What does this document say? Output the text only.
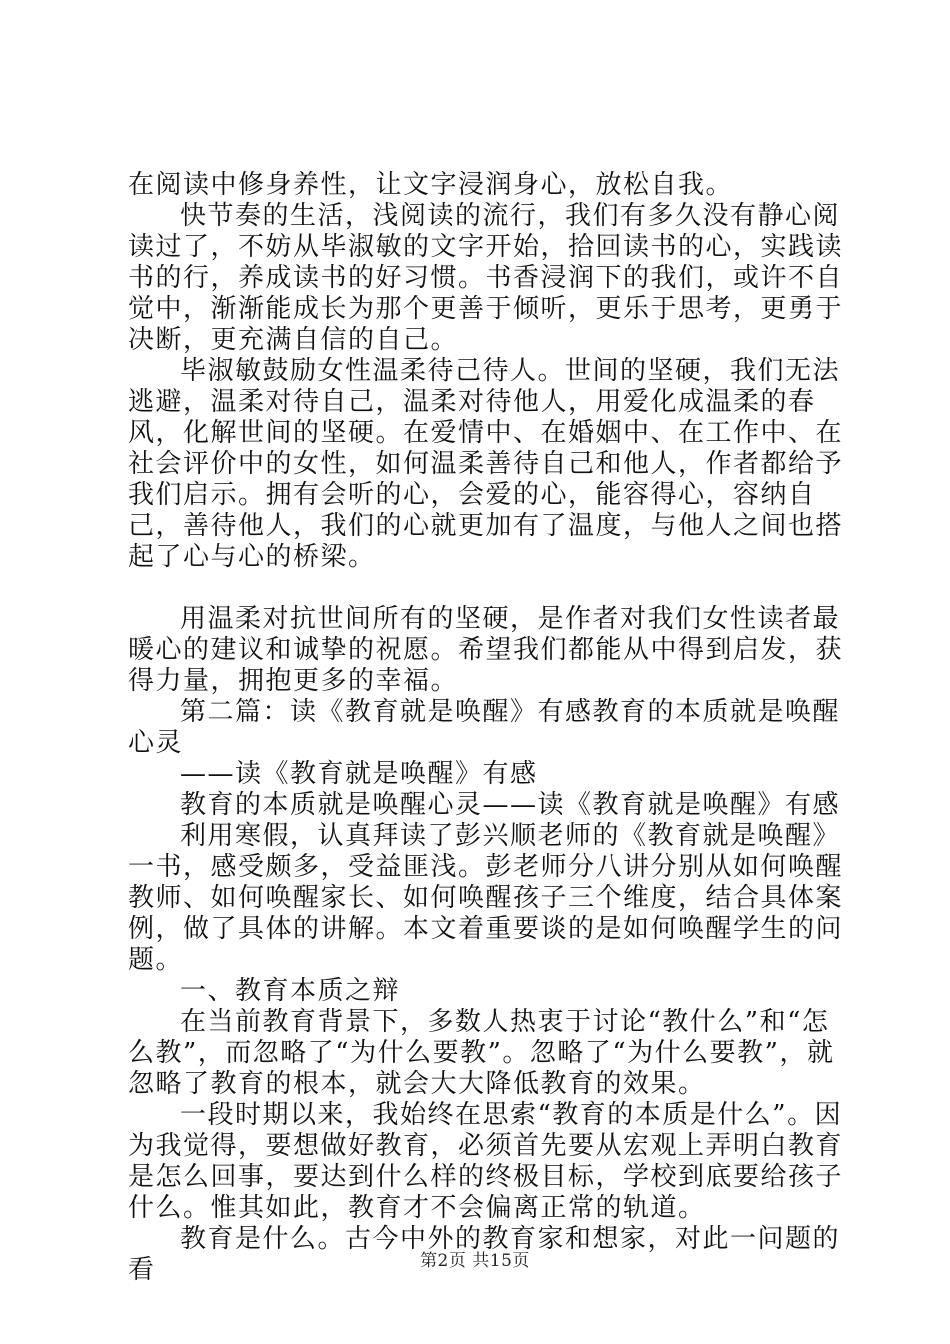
在阅读中修身养性，让文字浸润身心，放松自我。

快节奏的生活，浅阅读的流行，我们有多久没有静心阅读过了，不妨从毕淑敏的文字开始，拾回读书的心，实践读书的行，养成读书的好习惯。书香浸润下的我们，或许不自觉中，渐渐能成长为那个更善于倾听，更乐于思考，更勇于决断，更充满自信的自己。

毕淑敏鼓励女性温柔待己待人。世间的坚硬，我们无法逃避，温柔对待自己，温柔对待他人，用爱化成温柔的春风，化解世间的坚硬。在爱情中、在婚姻中、在工作中、在社会评价中的女性，如何温柔善待自己和他人，作者都给予我们启示。拥有会听的心，会爱的心，能容得心，容纳自己，善待他人，我们的心就更加有了温度，与他人之间也搭起了心与心的桥梁。

用温柔对抗世间所有的坚硬，是作者对我们女性读者最暖心的建议和诚挚的祝愿。希望我们都能从中得到启发，获得力量，拥抱更多的幸福。

第二篇：读《教育就是唤醒》有感教育的本质就是唤醒心灵

——读《教育就是唤醒》有感

教育的本质就是唤醒心灵——读《教育就是唤醒》有感

利用寒假，认真拜读了彭兴顺老师的《教育就是唤醒》一书，感受颇多，受益匪浅。彭老师分八讲分别从如何唤醒教师、如何唤醒家长、如何唤醒孩子三个维度，结合具体案例，做了具体的讲解。本文着重要谈的是如何唤醒学生的问题。

一、教育本质之辩

在当前教育背景下，多数人热衷于讨论“教什么”和“怎么教”，而忽略了“为什么要教”。忽略了“为什么要教”，就忽略了教育的根本，就会大大降低教育的效果。

一段时期以来，我始终在思索“教育的本质是什么”。因为我觉得，要想做好教育，必须首先要从宏观上弄明白教育是怎么回事，要达到什么样的终极目标，学校到底要给孩子什么。惟其如此，教育才不会偏离正常的轨道。

教育是什么。古今中外的教育家和想家，对此一问题的看	第2页 共15页
